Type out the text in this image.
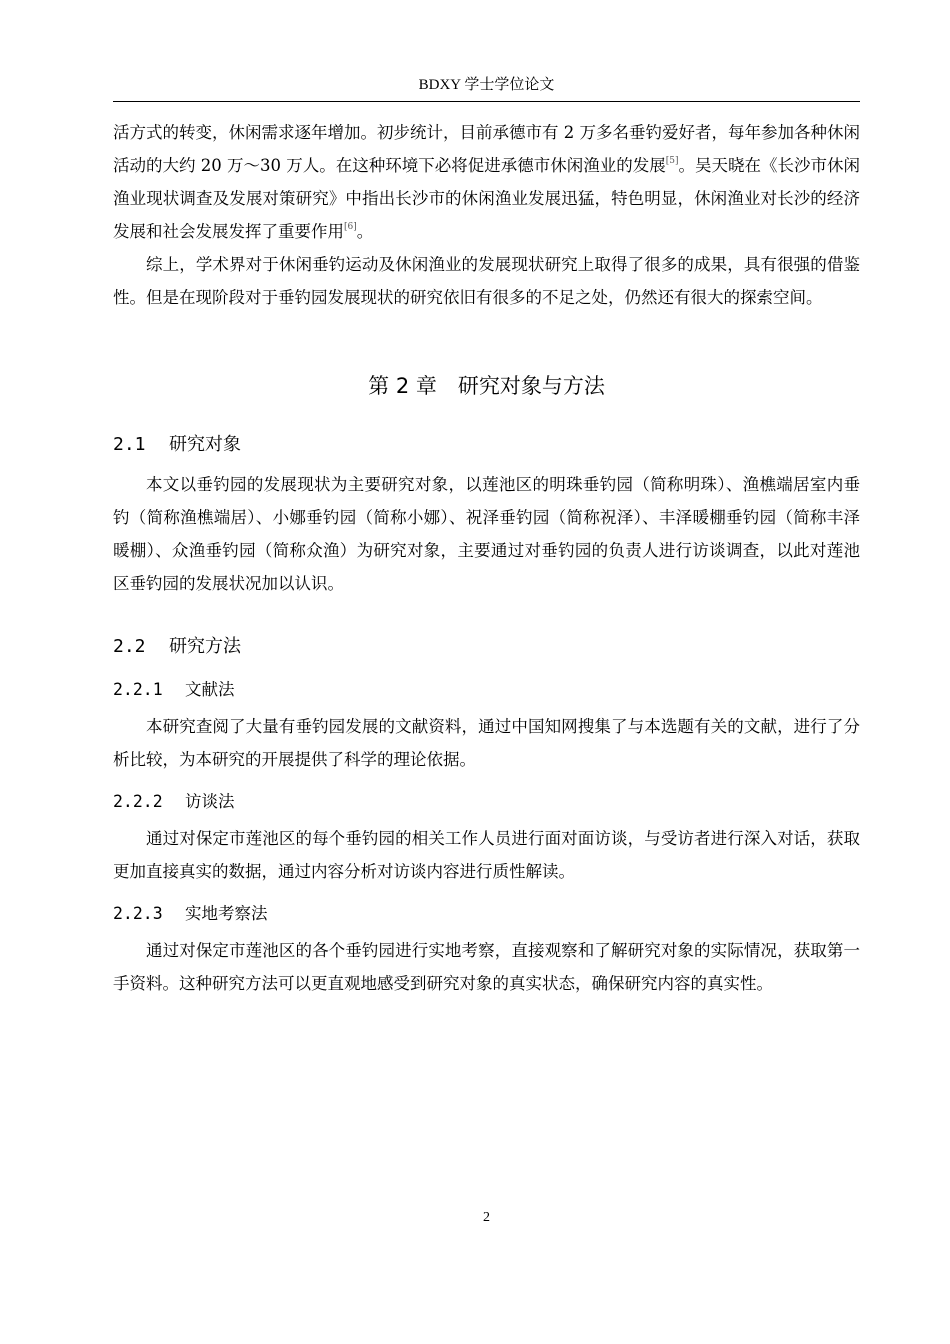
BDXY 学士学位论文

活方式的转变，休闲需求逐年增加。初步统计，目前承德市有 2 万多名垂钓爱好者，每年参加各种休闲活动的大约 20 万～30 万人。在这种环境下必将促进承德市休闲渔业的发展[5]。吴天晓在《长沙市休闲渔业现状调查及发展对策研究》中指出长沙市的休闲渔业发展迅猛，特色明显，休闲渔业对长沙的经济发展和社会发展发挥了重要作用[6]。

综上，学术界对于休闲垂钓运动及休闲渔业的发展现状研究上取得了很多的成果，具有很强的借鉴性。但是在现阶段对于垂钓园发展现状的研究依旧有很多的不足之处，仍然还有很大的探索空间。

第 2 章　 研究对象与方法
2.1 研究对象

本文以垂钓园的发展现状为主要研究对象，以莲池区的明珠垂钓园（简称明珠）、渔樵端居室内垂钓（简称渔樵端居）、小娜垂钓园（简称小娜）、祝泽垂钓园（简称祝泽）、丰泽暖棚垂钓园（简称丰泽暖棚）、众渔垂钓园（简称众渔）为研究对象，主要通过对垂钓园的负责人进行访谈调查，以此对莲池区垂钓园的发展状况加以认识。

2.2 研究方法
2.2.1 文献法

本研究查阅了大量有垂钓园发展的文献资料，通过中国知网搜集了与本选题有关的文献，进行了分析比较，为本研究的开展提供了科学的理论依据。

2.2.2 访谈法

通过对保定市莲池区的每个垂钓园的相关工作人员进行面对面访谈，与受访者进行深入对话，获取更加直接真实的数据，通过内容分析对访谈内容进行质性解读。

2.2.3 实地考察法

通过对保定市莲池区的各个垂钓园进行实地考察，直接观察和了解研究对象的实际情况，获取第一手资料。这种研究方法可以更直观地感受到研究对象的真实状态，确保研究内容的真实性。

2
